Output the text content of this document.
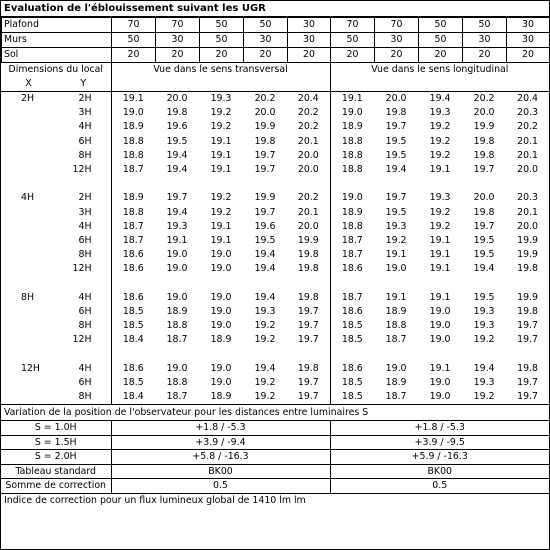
Evaluation de l'éblouissement suivant les UGR
Plafond	70	70	50	50	30	70	70	50	50	30
Murs	50	30	50	30	30	50	30	50	30	30
Sol	20	20	20	20	20	20	20	20	20	20
Dimensions du local		Vue dans le sens transversal					Vue dans le sens longitudinal				
X	Y										
2H	2H	19.1	20.0	19.3	20.2	20.4	19.1	20.0	19.4	20.2	20.4
	3H	19.0	19.8	19.2	20.0	20.2	19.0	19.8	19.3	20.0	20.3
	4H	18.9	19.6	19.2	19.9	20.2	18.9	19.7	19.2	19.9	20.2
	6H	18.8	19.5	19.1	19.8	20.1	18.8	19.5	19.2	19.8	20.1
	8H	18.8	19.4	19.1	19.7	20.0	18.8	19.5	19.2	19.8	20.1
	12H	18.7	19.4	19.1	19.7	20.0	18.8	19.4	19.1	19.7	20.0

4H	2H	18.9	19.7	19.2	19.9	20.2	19.0	19.7	19.3	20.0	20.3
	3H	18.8	19.4	19.2	19.7	20.1	18.9	19.5	19.2	19.8	20.1
	4H	18.7	19.3	19.1	19.6	20.0	18.8	19.3	19.2	19.7	20.0
	6H	18.7	19.1	19.1	19.5	19.9	18.7	19.2	19.1	19.5	19.9
	8H	18.6	19.0	19.0	19.4	19.8	18.7	19.1	19.1	19.5	19.9
	12H	18.6	19.0	19.0	19.4	19.8	18.6	19.0	19.1	19.4	19.8

8H	4H	18.6	19.0	19.0	19.4	19.8	18.7	19.1	19.1	19.5	19.9
	6H	18.5	18.9	19.0	19.3	19.7	18.6	18.9	19.0	19.3	19.8
	8H	18.5	18.8	19.0	19.2	19.7	18.5	18.8	19.0	19.3	19.7
	12H	18.4	18.7	18.9	19.2	19.7	18.5	18.7	19.0	19.2	19.7

12H	4H	18.6	19.0	19.0	19.4	19.8	18.6	19.0	19.1	19.4	19.8
	6H	18.5	18.8	19.0	19.2	19.7	18.5	18.9	19.0	19.3	19.7
	8H	18.4	18.7	18.9	19.2	19.7	18.5	18.7	19.0	19.2	19.7
Variation de la position de l'observateur pour les distances entre luminaires S
S = 1.0H	+1.8 / -5.3	+1.8 / -5.3
S = 1.5H	+3.9 / -9.4	+3.9 / -9.5
S = 2.0H	+5.8 / -16.3	+5.9 / -16.3
Tableau standard	BK00	BK00
Somme de correction	0.5	0.5
Indice de correction pour un flux lumineux global de 1410 lm lm
